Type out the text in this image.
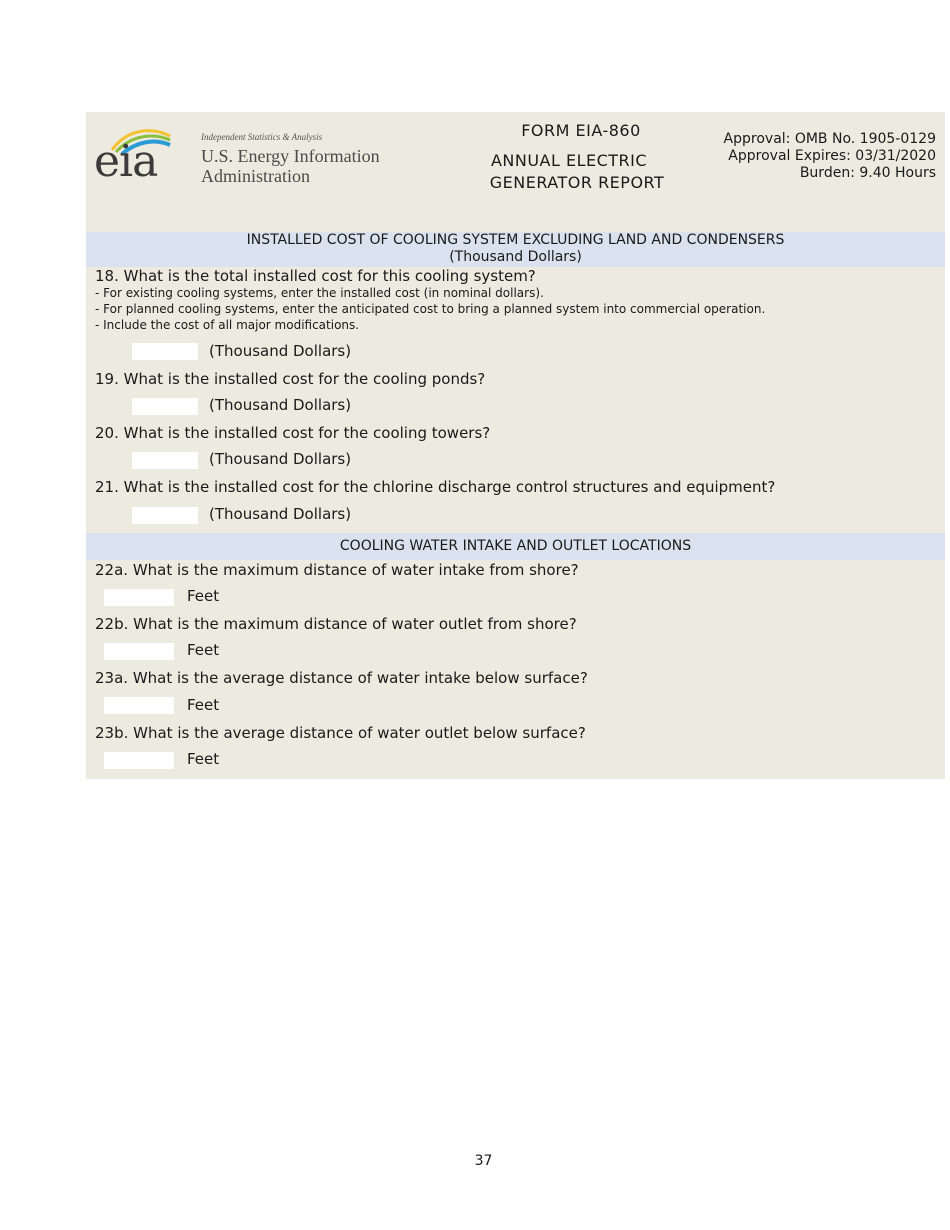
eia	Independent Statistics & Analysis
U.S. Energy Information
Administration
FORM EIA-860
ANNUAL ELECTRIC
GENERATOR REPORT
Approval: OMB No. 1905-0129
Approval Expires: 03/31/2020
Burden: 9.40 Hours
INSTALLED COST OF COOLING SYSTEM EXCLUDING LAND AND CONDENSERS
(Thousand Dollars)
18. What is the total installed cost for this cooling system?
- For existing cooling systems, enter the installed cost (in nominal dollars).
- For planned cooling systems, enter the anticipated cost to bring a planned system into commercial operation.
- Include the cost of all major modifications.
(Thousand Dollars)
19. What is the installed cost for the cooling ponds?
(Thousand Dollars)
20. What is the installed cost for the cooling towers?
(Thousand Dollars)
21. What is the installed cost for the chlorine discharge control structures and equipment?
(Thousand Dollars)
COOLING WATER INTAKE AND OUTLET LOCATIONS
22a. What is the maximum distance of water intake from shore?
Feet
22b. What is the maximum distance of water outlet from shore?
Feet
23a. What is the average distance of water intake below surface?
Feet
23b. What is the average distance of water outlet below surface?
Feet
37
